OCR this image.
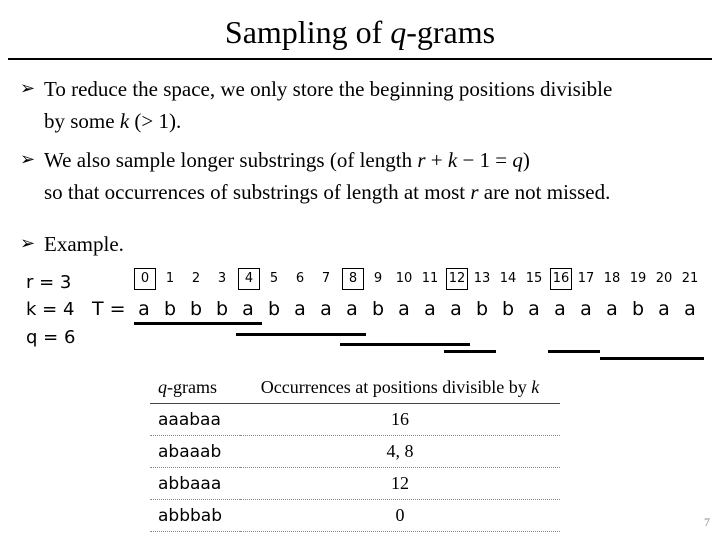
Sampling of q-grams
➢ To reduce the space, we only store the beginning positions divisible
by some k (> 1).
➢ We also sample longer substrings (of length r + k − 1 = q)
so that occurrences of substrings of length at most r are not missed.
➢ Example.
r = 3
k = 4
q = 6
0	1	2	3	4	5	6	7	8	9	10 11 12 13 14 15 16 17 18 19 20 21
T = a b b b a b a a a b a a a b b a a a a b a a
q-grams	Occurrences at positions divisible by k
aaabaa	16
abaaab	4, 8
abbaaa	12
abbbab	0	7
